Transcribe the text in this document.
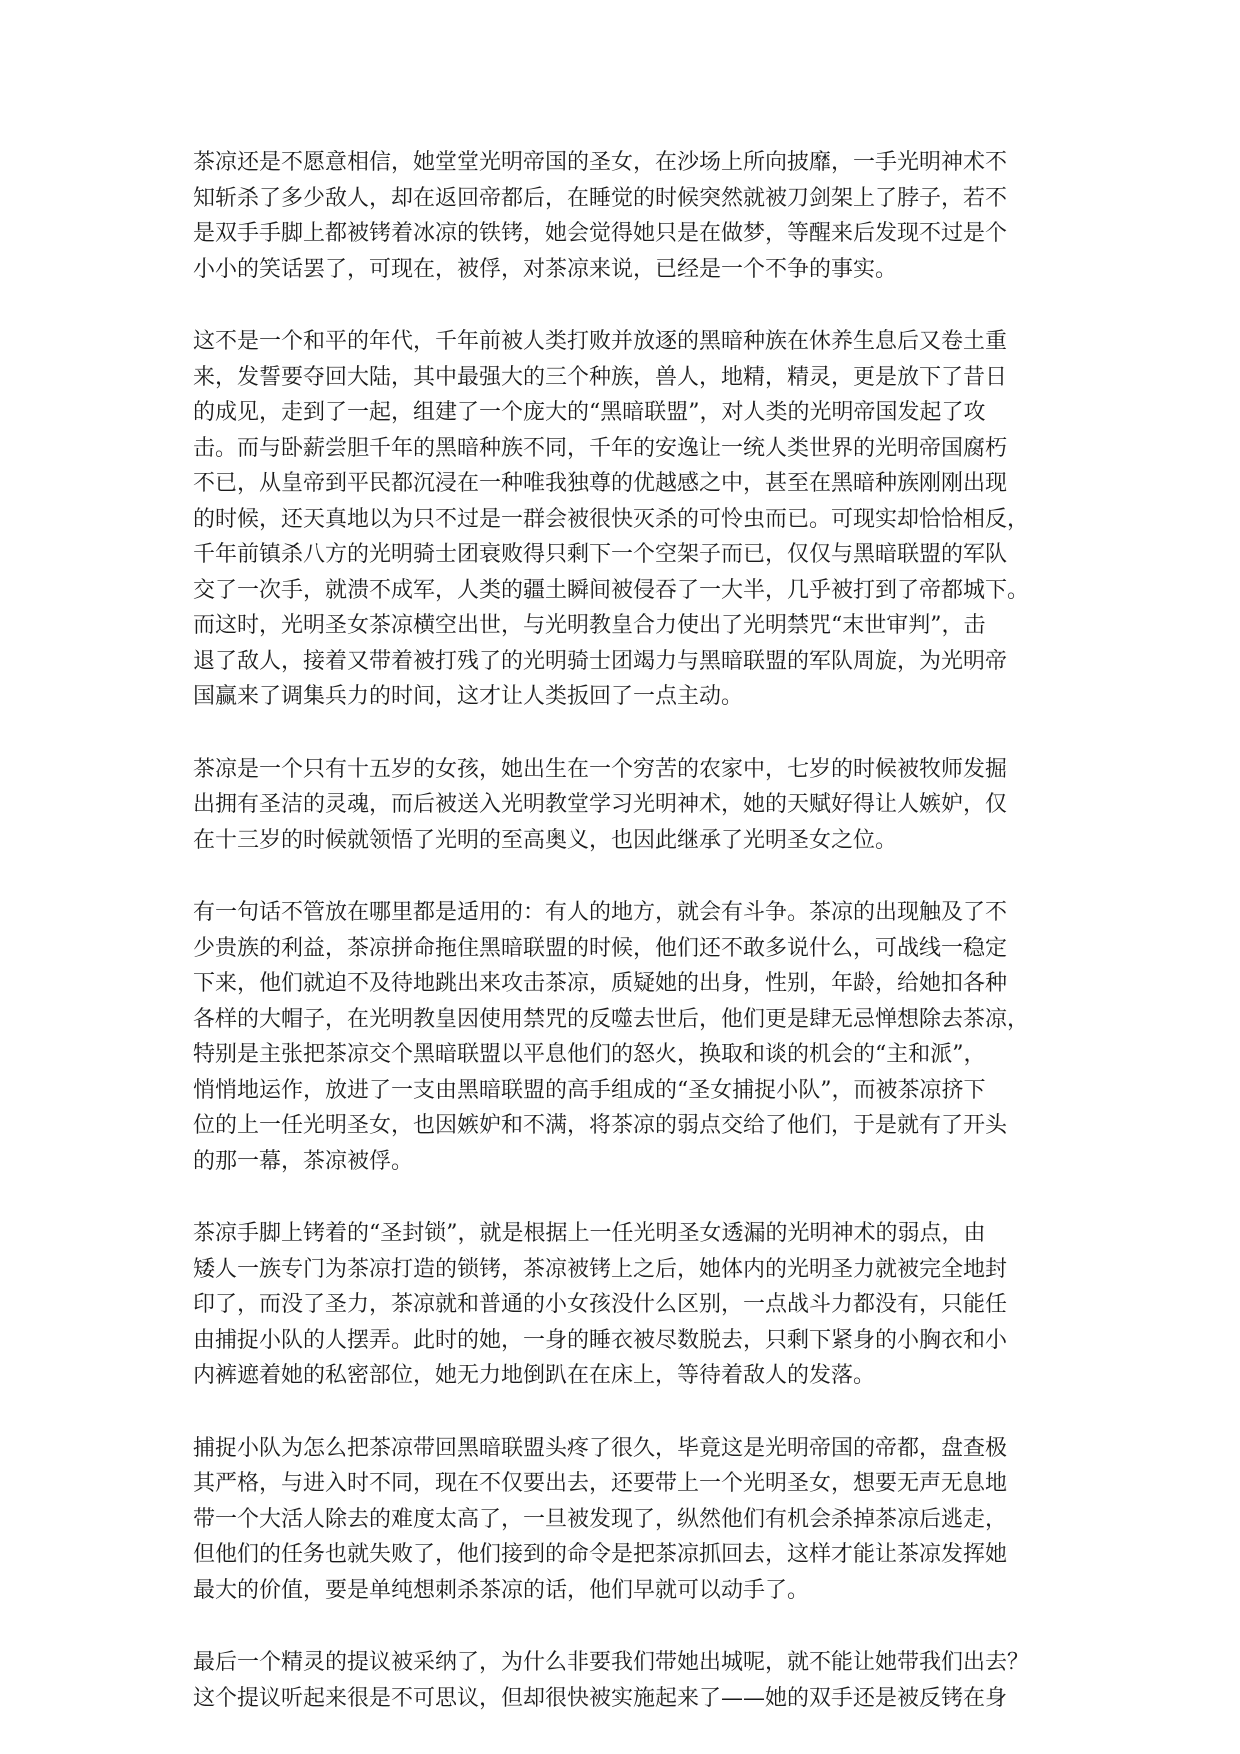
茶凉还是不愿意相信，她堂堂光明帝国的圣女，在沙场上所向披靡，一手光明神术不
知斩杀了多少敌人，却在返回帝都后，在睡觉的时候突然就被刀剑架上了脖子，若不
是双手手脚上都被铐着冰凉的铁铐，她会觉得她只是在做梦，等醒来后发现不过是个
小小的笑话罢了，可现在，被俘，对茶凉来说，已经是一个不争的事实。
这不是一个和平的年代，千年前被人类打败并放逐的黑暗种族在休养生息后又卷土重
来，发誓要夺回大陆，其中最强大的三个种族，兽人，地精，精灵，更是放下了昔日
的成见，走到了一起，组建了一个庞大的“黑暗联盟”，对人类的光明帝国发起了攻
击。而与卧薪尝胆千年的黑暗种族不同，千年的安逸让一统人类世界的光明帝国腐朽
不已，从皇帝到平民都沉浸在一种唯我独尊的优越感之中，甚至在黑暗种族刚刚出现
的时候，还天真地以为只不过是一群会被很快灭杀的可怜虫而已。可现实却恰恰相反，
千年前镇杀八方的光明骑士团衰败得只剩下一个空架子而已，仅仅与黑暗联盟的军队
交了一次手，就溃不成军，人类的疆土瞬间被侵吞了一大半，几乎被打到了帝都城下。
而这时，光明圣女茶凉横空出世，与光明教皇合力使出了光明禁咒“末世审判”，击
退了敌人，接着又带着被打残了的光明骑士团竭力与黑暗联盟的军队周旋，为光明帝
国赢来了调集兵力的时间，这才让人类扳回了一点主动。
茶凉是一个只有十五岁的女孩，她出生在一个穷苦的农家中，七岁的时候被牧师发掘
出拥有圣洁的灵魂，而后被送入光明教堂学习光明神术，她的天赋好得让人嫉妒，仅
在十三岁的时候就领悟了光明的至高奥义，也因此继承了光明圣女之位。
有一句话不管放在哪里都是适用的：有人的地方，就会有斗争。茶凉的出现触及了不
少贵族的利益，茶凉拼命拖住黑暗联盟的时候，他们还不敢多说什么，可战线一稳定
下来，他们就迫不及待地跳出来攻击茶凉，质疑她的出身，性别，年龄，给她扣各种
各样的大帽子，在光明教皇因使用禁咒的反噬去世后，他们更是肆无忌惮想除去茶凉，
特别是主张把茶凉交个黑暗联盟以平息他们的怒火，换取和谈的机会的“主和派”，
悄悄地运作，放进了一支由黑暗联盟的高手组成的“圣女捕捉小队”，而被茶凉挤下
位的上一任光明圣女，也因嫉妒和不满，将茶凉的弱点交给了他们，于是就有了开头
的那一幕，茶凉被俘。
茶凉手脚上铐着的“圣封锁”，就是根据上一任光明圣女透漏的光明神术的弱点，由
矮人一族专门为茶凉打造的锁铐，茶凉被铐上之后，她体内的光明圣力就被完全地封
印了，而没了圣力，茶凉就和普通的小女孩没什么区别，一点战斗力都没有，只能任
由捕捉小队的人摆弄。此时的她，一身的睡衣被尽数脱去，只剩下紧身的小胸衣和小
内裤遮着她的私密部位，她无力地倒趴在在床上，等待着敌人的发落。
捕捉小队为怎么把茶凉带回黑暗联盟头疼了很久，毕竟这是光明帝国的帝都，盘查极
其严格，与进入时不同，现在不仅要出去，还要带上一个光明圣女，想要无声无息地
带一个大活人除去的难度太高了，一旦被发现了，纵然他们有机会杀掉茶凉后逃走，
但他们的任务也就失败了，他们接到的命令是把茶凉抓回去，这样才能让茶凉发挥她
最大的价值，要是单纯想刺杀茶凉的话，他们早就可以动手了。
最后一个精灵的提议被采纳了，为什么非要我们带她出城呢，就不能让她带我们出去？
这个提议听起来很是不可思议，但却很快被实施起来了——她的双手还是被反铐在身
